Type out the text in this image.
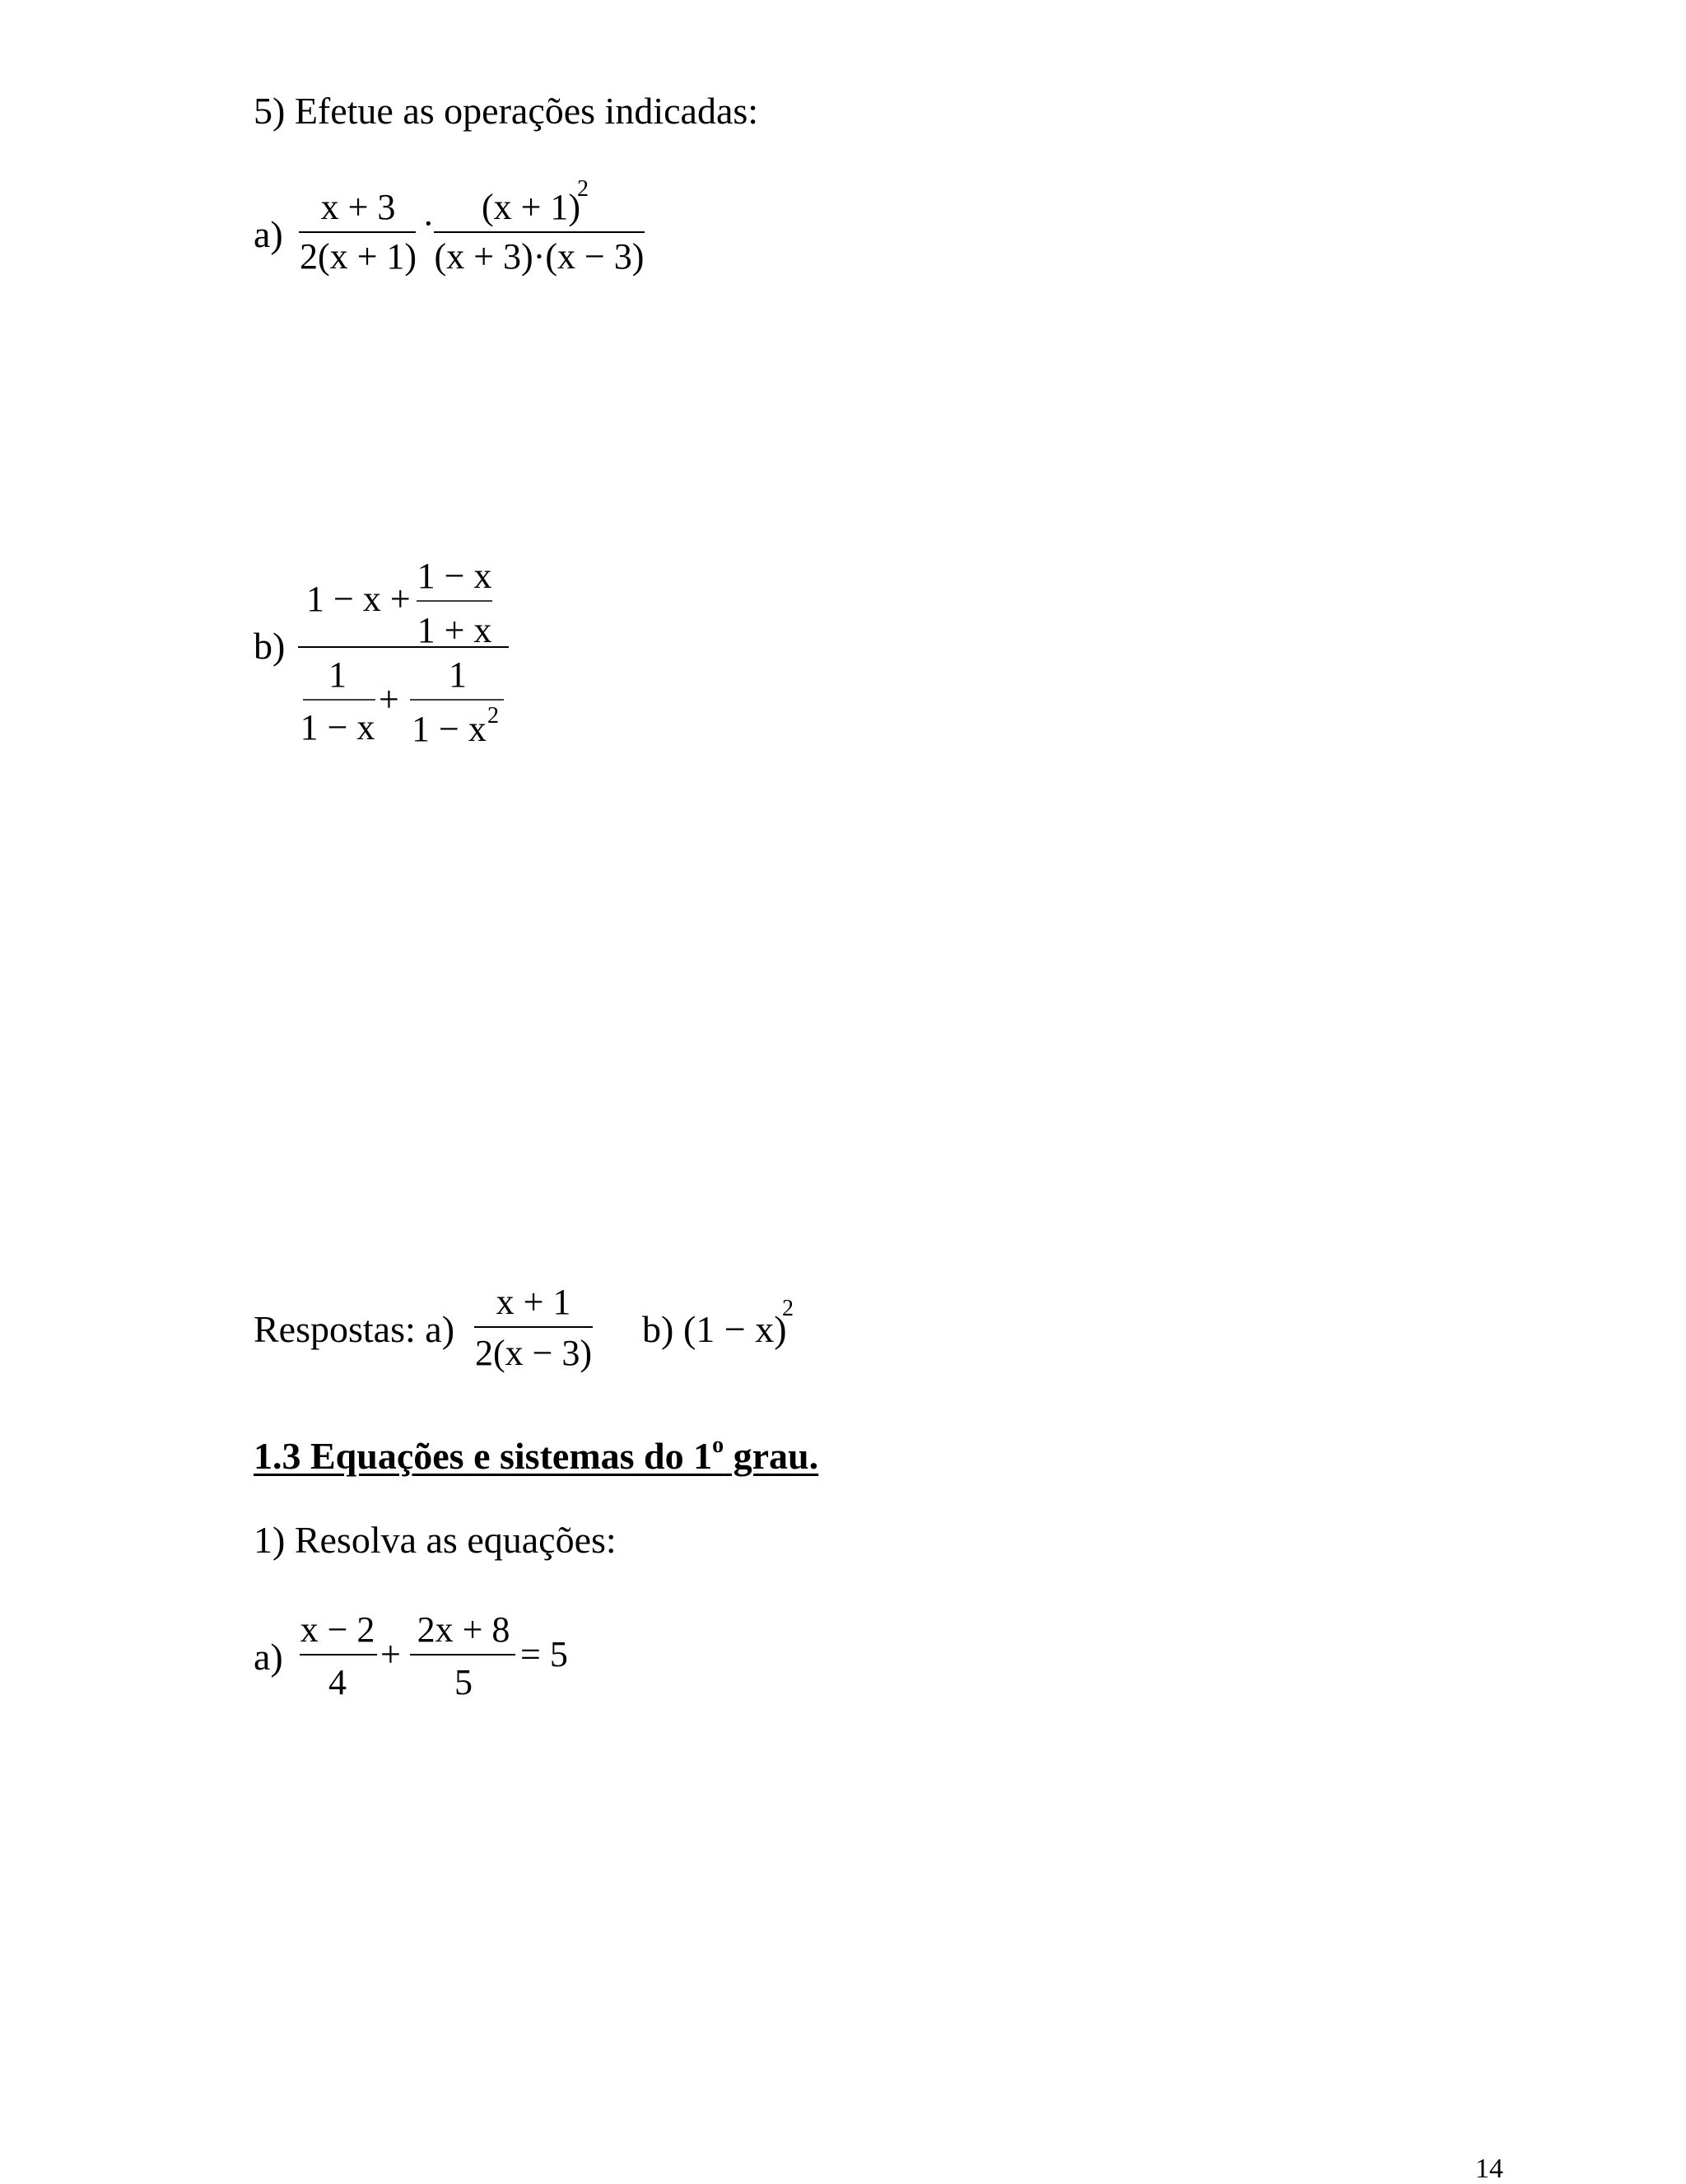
5) Efetue as operações indicadas:
a)
x + 3
2(x + 1)
· (x + 1)
2
(x + 3)·(x − 3)
b)
1 − x +
1 − x
1 + x
1
1 − x
+
1
1 − x 2
Respostas: a)
x + 1
2(x − 3)
b) (1 − x)
2
1.3 Equações e sistemas do 1$^o$ grau.
1) Resolva as equações:
a)
x − 2
4
+
2x + 8
5
= 5
14
